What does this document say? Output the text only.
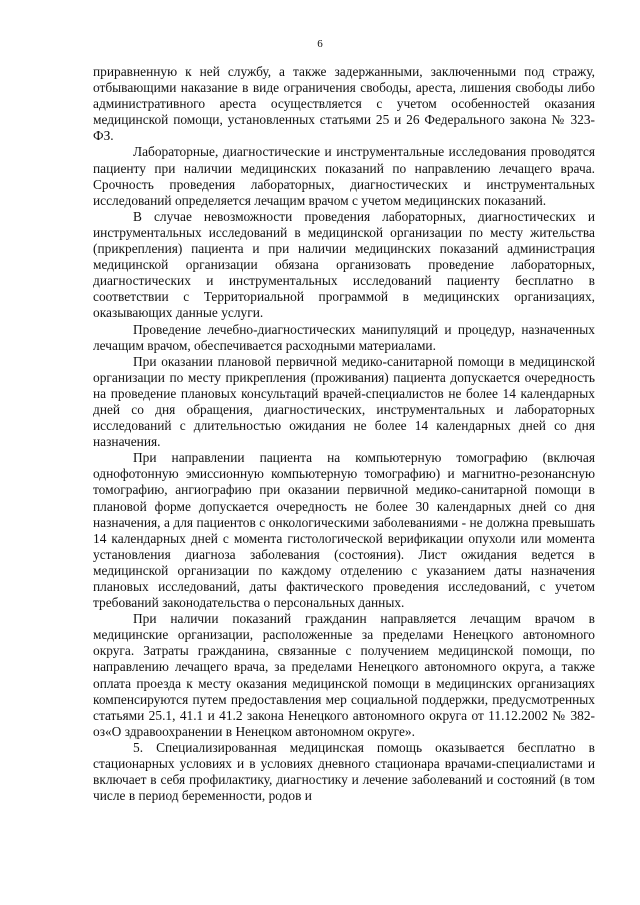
6

приравненную к ней службу, а также задержанными, заключенными под стражу, отбывающими наказание в виде ограничения свободы, ареста, лишения свободы либо административного ареста осуществляется с учетом особенностей оказания медицинской помощи, установленных статьями 25 и 26 Федерального закона № 323-ФЗ.

Лабораторные, диагностические и инструментальные исследования проводятся пациенту при наличии медицинских показаний по направлению лечащего врача. Срочность проведения лабораторных, диагностических и инструментальных исследований определяется лечащим врачом с учетом медицинских показаний.

В случае невозможности проведения лабораторных, диагностических и инструментальных исследований в медицинской организации по месту жительства (прикрепления) пациента и при наличии медицинских показаний администрация медицинской организации обязана организовать проведение лабораторных, диагностических и инструментальных исследований пациенту бесплатно в соответствии с Территориальной программой в медицинских организациях, оказывающих данные услуги.

Проведение лечебно-диагностических манипуляций и процедур, назначенных лечащим врачом, обеспечивается расходными материалами.

При оказании плановой первичной медико-санитарной помощи в медицинской организации по месту прикрепления (проживания) пациента допускается очередность на проведение плановых консультаций врачей-специалистов не более 14 календарных дней со дня обращения, диагностических, инструментальных и лабораторных исследований с длительностью ожидания не более 14 календарных дней со дня назначения.

При направлении пациента на компьютерную томографию (включая однофотонную эмиссионную компьютерную томографию) и магнитно-резонансную томографию, ангиографию при оказании первичной медико-санитарной помощи в плановой форме допускается очередность не более 30 календарных дней со дня назначения, а для пациентов с онкологическими заболеваниями - не должна превышать 14 календарных дней с момента гистологической верификации опухоли или момента установления диагноза заболевания (состояния). Лист ожидания ведется в медицинской организации по каждому отделению с указанием даты назначения плановых исследований, даты фактического проведения исследований, с учетом требований законодательства о персональных данных.

При наличии показаний гражданин направляется лечащим врачом в медицинские организации, расположенные за пределами Ненецкого автономного округа. Затраты гражданина, связанные с получением медицинской помощи, по направлению лечащего врача, за пределами Ненецкого автономного округа, а также оплата проезда к месту оказания медицинской помощи в медицинских организациях компенсируются путем предоставления мер социальной поддержки, предусмотренных статьями 25.1, 41.1 и 41.2 закона Ненецкого автономного округа от 11.12.2002 № 382-оз«О здравоохранении в Ненецком автономном округе».

5. Специализированная медицинская помощь оказывается бесплатно в стационарных условиях и в условиях дневного стационара врачами-специалистами и включает в себя профилактику, диагностику и лечение заболеваний и состояний (в том числе в период беременности, родов и
